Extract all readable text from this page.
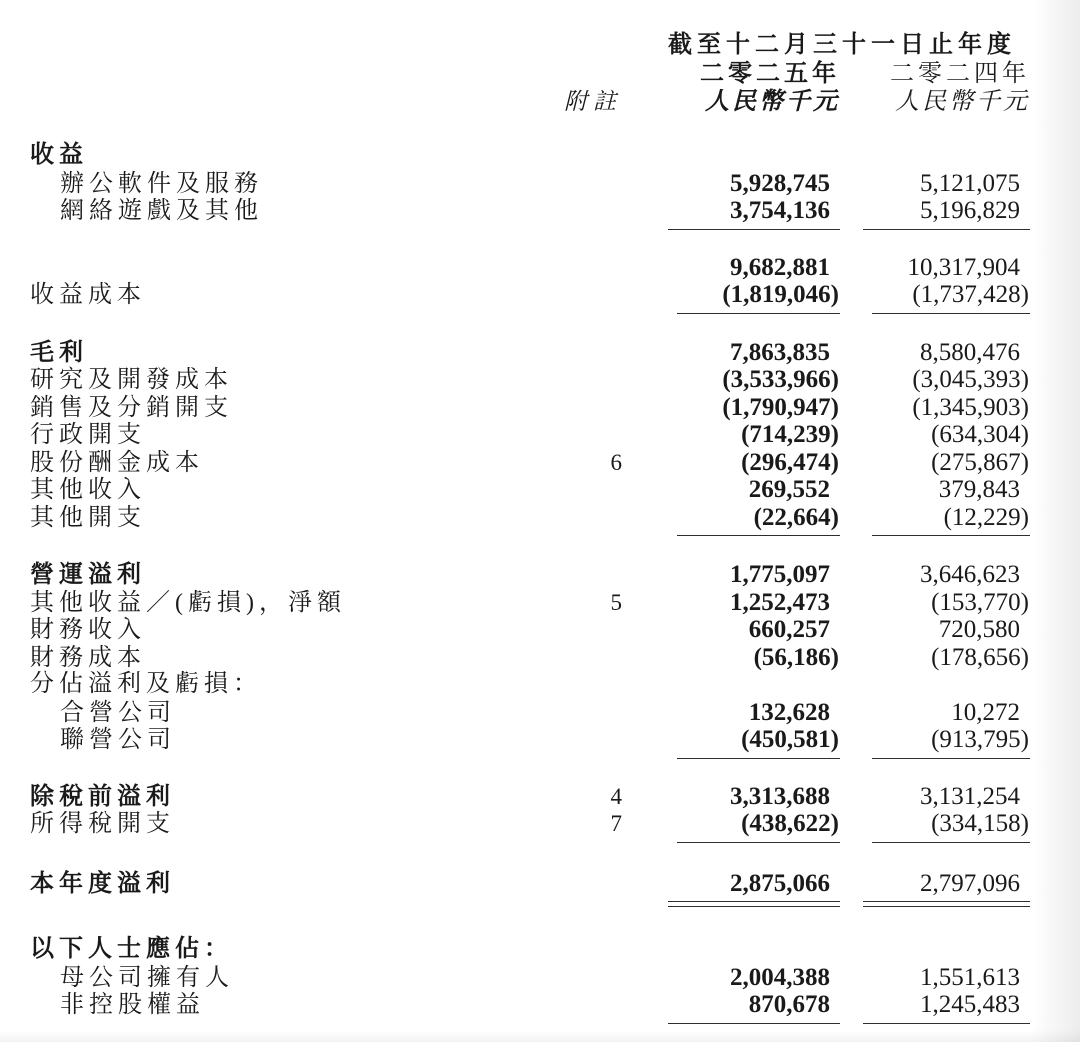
截至十二月三十一日止年度
二零二五年	二零二四年
附註	人民幣千元	人民幣千元
收益
辦公軟件及服務	5,928,745	5,121,075
網絡遊戲及其他	3,754,136	5,196,829
9,682,881	10,317,904
收益成本	(1,819,046)	(1,737,428)
毛利	7,863,835	8,580,476
研究及開發成本	(3,533,966)	(3,045,393)
銷售及分銷開支	(1,790,947)	(1,345,903)
行政開支	(714,239)	(634,304)
股份酬金成本	6	(296,474)	(275,867)
其他收入	269,552	379,843
其他開支	(22,664)	(12,229)
營運溢利	1,775,097	3,646,623
其他收益／(虧損)，淨額	5	1,252,473	(153,770)
財務收入	660,257	720,580
財務成本	(56,186)	(178,656)
分佔溢利及虧損：
合營公司	132,628	10,272
聯營公司	(450,581)	(913,795)
除稅前溢利	4	3,313,688	3,131,254
所得稅開支	7	(438,622)	(334,158)
本年度溢利	2,875,066	2,797,096
以下人士應佔：
母公司擁有人	2,004,388	1,551,613
非控股權益	870,678	1,245,483
